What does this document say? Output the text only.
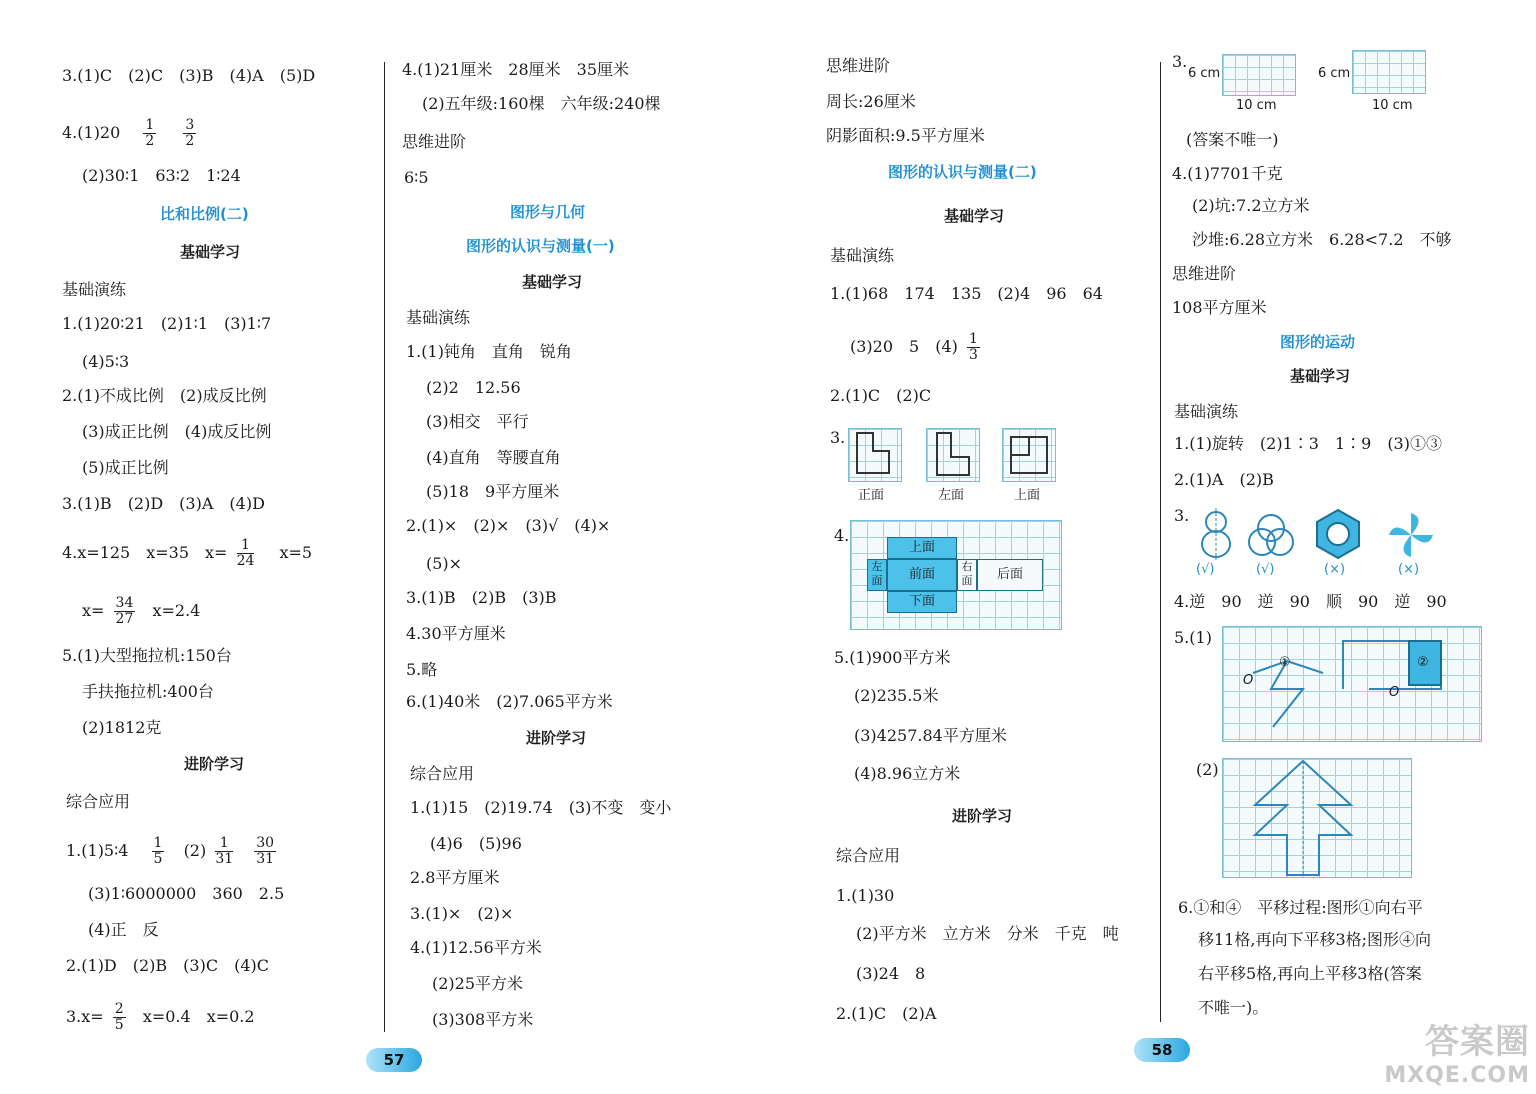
3.(1)C　(2)C　(3)B　(4)A　(5)D
$4.(1)20 \frac{1}{2}$
$\frac{3}{2}$
(2)30∶1　63∶2　1∶24
比和比例(二)
基础学习
基础演练
1.(1)20∶21　(2)1∶1　(3)1∶7
(4)5∶3
2.(1)不成比例　(2)成反比例
(3)成正比例　(4)成反比例
(5)成正比例
3.(1)B　(2)D　(3)A　(4)D
4.x=125　x=35　$x= \frac{1}{24}$ 　x=5
$x= \frac{34}{27} x=2.4$
5.(1)大型拖拉机:150台
手扶拖拉机:400台
(2)1812克
进阶学习
综合应用
1.(1)5∶4 $\frac{1}{5} (2) \frac{1}{31}$
$\frac{30}{31}$
(3)1∶6000000　360　2.5
(4)正　反
2.(1)D　(2)B　(3)C　(4)C
$3.x= \frac{2}{5} x=0.4$　x=0.2
4.(1)21厘米　28厘米　35厘米
(2)五年级:160棵　六年级:240棵
思维进阶
6∶5
图形与几何
图形的认识与测量(一)
基础学习
基础演练
1.(1)钝角　直角　锐角
(2)2　12.56
(3)相交　平行
(4)直角　等腰直角
(5)18　9平方厘米
2.(1)×　(2)×　(3)√　(4)×
(5)×
3.(1)B　(2)B　(3)B
4.30平方厘米
5.略
6.(1)40米　(2)7.065平方米
进阶学习
综合应用
1.(1)15　(2)19.74　(3)不变　变小
(4)6　(5)96
2.8平方厘米
3.(1)×　(2)×
4.(1)12.56平方米
(2)25平方米
(3)308平方米
57
思维进阶
周长:26厘米
阴影面积:9.5平方厘米
图形的认识与测量(二)
基础学习
基础演练
1.(1)68　174　135　(2)4　96　64
(3)20　5　$(4) \frac{1}{3}$
2.(1)C　(2)C
3.
正面	左面	上面
4.
上面
左面	前面
右面	后面
下面
5.(1)900平方米
(2)235.5米
(3)4257.84平方厘米
(4)8.96立方米
进阶学习
综合应用
1.(1)30
(2)平方米　立方米　分米　千克　吨
(3)24　8
2.(1)C　(2)A
58
3.
6 cm
10 cm
6 cm
10 cm
(答案不唯一)
4.(1)7701千克
(2)坑:7.2立方米
沙堆:6.28立方米　6.28<7.2　不够
思维进阶
108平方厘米
图形的运动
基础学习
基础演练
1.(1)旋转　(2)1∶3　1∶9　(3)①③
2.(1)A　(2)B
3.
(√)	(√)	(×)	(×)
4.逆　90　逆　90　顺　90　逆　90
5.(1)
①	②
O
O
(2)
6.①和④　平移过程:图形①向右平
移11格,再向下平移3格;图形④向
右平移5格,再向上平移3格(答案
不唯一)。
答案圈
MXQE.COM
